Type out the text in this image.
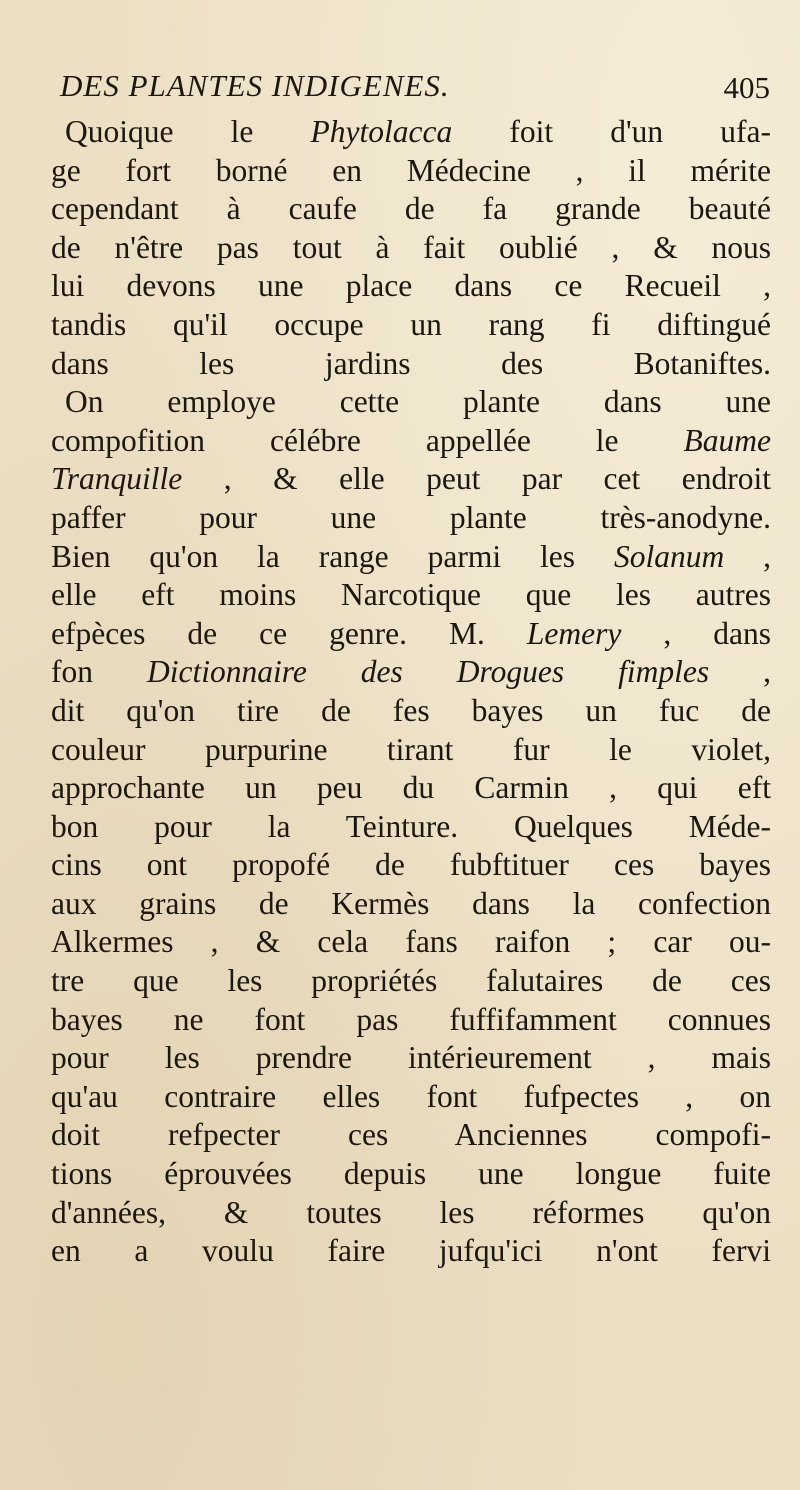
DES PLANTES INDIGENES.	405
Quoique le Phytolacca foit d'un ufa-
ge fort borné en Médecine , il mérite
cependant à caufe de fa grande beauté
de n'être pas tout à fait oublié , & nous
lui devons une place dans ce Recueil ,
tandis qu'il occupe un rang fi diftingué
dans les jardins des Botaniftes.
On employe cette plante dans une
compofition célébre appellée le Baume
Tranquille , & elle peut par cet endroit
paffer pour une plante très-anodyne.
Bien qu'on la range parmi les Solanum ,
elle eft moins Narcotique que les autres
efpèces de ce genre. M. Lemery , dans
fon Dictionnaire des Drogues fimples ,
dit qu'on tire de fes bayes un fuc de
couleur purpurine tirant fur le violet,
approchante un peu du Carmin , qui eft
bon pour la Teinture. Quelques Méde-
cins ont propofé de fubftituer ces bayes
aux grains de Kermès dans la confection
Alkermes , & cela fans raifon ; car ou-
tre que les propriétés falutaires de ces
bayes ne font pas fuffifamment connues
pour les prendre intérieurement , mais
qu'au contraire elles font fufpectes , on
doit refpecter ces Anciennes compofi-
tions éprouvées depuis une longue fuite
d'années, & toutes les réformes qu'on
en a voulu faire jufqu'ici n'ont fervi
